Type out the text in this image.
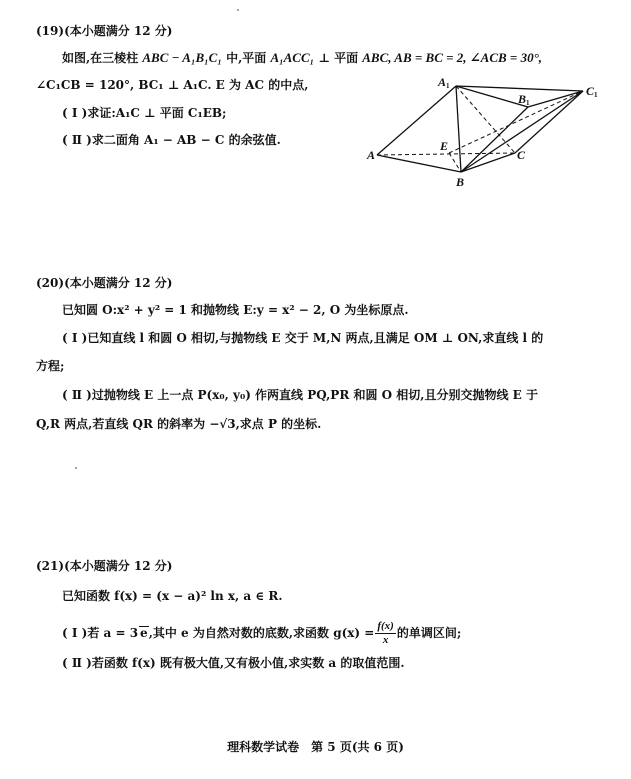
(19)(本小题满分 12 分)
如图,在三棱柱 ABC − A₁B₁C₁ 中,平面 A₁ACC₁ ⊥ 平面 ABC, AB = BC = 2, ∠ACB = 30°,
∠C₁CB = 120°, BC₁ ⊥ A₁C. E 为 AC 的中点,
( Ⅰ )求证:A₁C ⊥ 平面 C₁EB;
( Ⅱ )求二面角 A₁ − AB − C 的余弦值.
A1
B1
C1
A
E
C
B
(20)(本小题满分 12 分)
已知圆 O:x² + y² = 1 和抛物线 E:y = x² − 2, O 为坐标原点.
( Ⅰ )已知直线 l 和圆 O 相切,与抛物线 E 交于 M,N 两点,且满足 OM ⊥ ON,求直线 l 的
方程;
( Ⅱ )过抛物线 E 上一点 P(x₀, y₀) 作两直线 PQ,PR 和圆 O 相切,且分别交抛物线 E 于
Q,R 两点,若直线 QR 的斜率为 −√3,求点 P 的坐标.
(21)(本小题满分 12 分)
已知函数 f(x) = (x − a)² ln x, a ∈ R.
( Ⅰ )若 a = 3 e,其中 e 为自然对数的底数,求函数 $g(x) = \frac{f(x)}{x}$ 的单调区间;
( Ⅱ )若函数 f(x) 既有极大值,又有极小值,求实数 a 的取值范围.
理科数学试卷　第 5 页(共 6 页)
